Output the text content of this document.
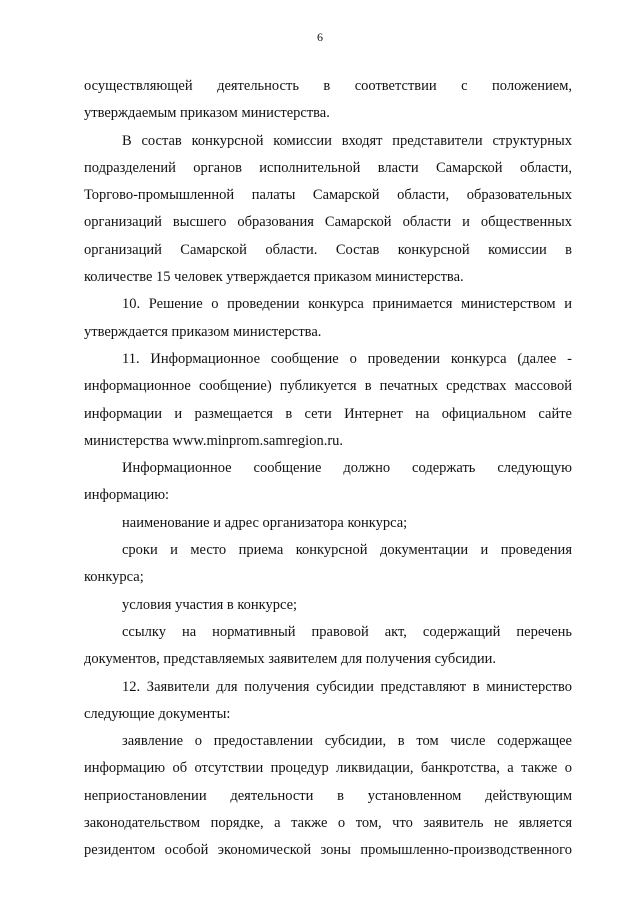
6
осуществляющей деятельность в соответствии с положением,
утверждаемым приказом министерства.
В состав конкурсной комиссии входят представители структурных
подразделений органов исполнительной власти Самарской области,
Торгово-промышленной палаты Самарской области, образовательных
организаций высшего образования Самарской области и общественных
организаций Самарской области. Состав конкурсной комиссии в
количестве 15 человек утверждается приказом министерства.
10. Решение о проведении конкурса принимается министерством и
утверждается приказом министерства.
11. Информационное сообщение о проведении конкурса (далее -
информационное сообщение) публикуется в печатных средствах массовой
информации и размещается в сети Интернет на официальном сайте
министерства www.minprom.samregion.ru.
Информационное сообщение должно содержать следующую
информацию:
наименование и адрес организатора конкурса;
сроки и место приема конкурсной документации и проведения
конкурса;
условия участия в конкурсе;
ссылку на нормативный правовой акт, содержащий перечень
документов, представляемых заявителем для получения субсидии.
12. Заявители для получения субсидии представляют в министерство
следующие документы:
заявление о предоставлении субсидии, в том числе содержащее
информацию об отсутствии процедур ликвидации, банкротства, а также о
неприостановлении деятельности в установленном действующим
законодательством порядке, а также о том, что заявитель не является
резидентом особой экономической зоны промышленно-производственного
